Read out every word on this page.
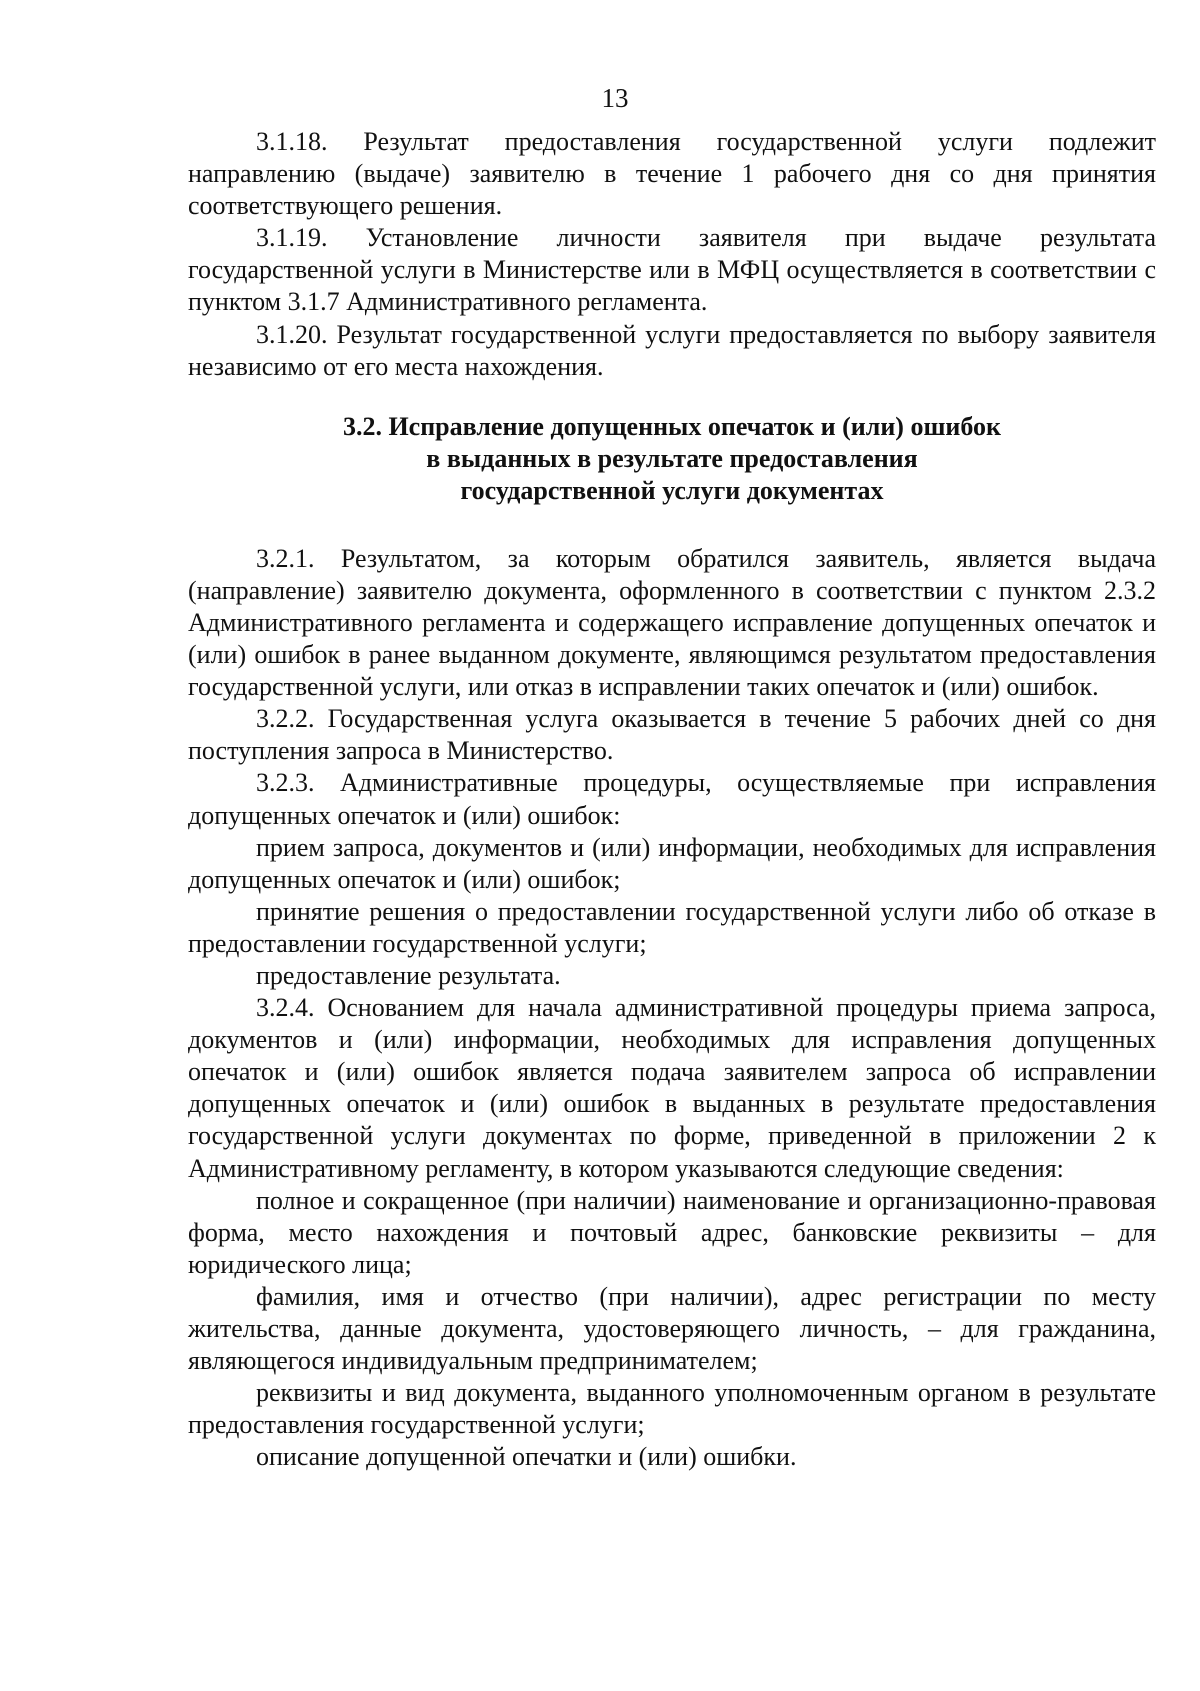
13

3.1.18. Результат предоставления государственной услуги подлежит направлению (выдаче) заявителю в течение 1 рабочего дня со дня принятия соответствующего решения.

3.1.19. Установление личности заявителя при выдаче результата государственной услуги в Министерстве или в МФЦ осуществляется в соответствии с пунктом 3.1.7 Административного регламента.

3.1.20. Результат государственной услуги предоставляется по выбору заявителя независимо от его места нахождения.

3.2. Исправление допущенных опечаток и (или) ошибок
в выданных в результате предоставления
государственной услуги документах

3.2.1. Результатом, за которым обратился заявитель, является выдача (направление) заявителю документа, оформленного в соответствии с пунктом 2.3.2 Административного регламента и содержащего исправление допущенных опечаток и (или) ошибок в ранее выданном документе, являющимся результатом предоставления государственной услуги, или отказ в исправлении таких опечаток и (или) ошибок.

3.2.2. Государственная услуга оказывается в течение 5 рабочих дней со дня поступления запроса в Министерство.

3.2.3. Административные процедуры, осуществляемые при исправления допущенных опечаток и (или) ошибок:

прием запроса, документов и (или) информации, необходимых для исправления допущенных опечаток и (или) ошибок;

принятие решения о предоставлении государственной услуги либо об отказе в предоставлении государственной услуги;

предоставление результата.

3.2.4. Основанием для начала административной процедуры приема запроса, документов и (или) информации, необходимых для исправления допущенных опечаток и (или) ошибок является подача заявителем запроса об исправлении допущенных опечаток и (или) ошибок в выданных в результате предоставления государственной услуги документах по форме, приведенной в приложении 2 к Административному регламенту, в котором указываются следующие сведения:

полное и сокращенное (при наличии) наименование и организационно-правовая форма, место нахождения и почтовый адрес, банковские реквизиты – для юридического лица;

фамилия, имя и отчество (при наличии), адрес регистрации по месту жительства, данные документа, удостоверяющего личность, – для гражданина, являющегося индивидуальным предпринимателем;

реквизиты и вид документа, выданного уполномоченным органом в результате предоставления государственной услуги;

описание допущенной опечатки и (или) ошибки.
